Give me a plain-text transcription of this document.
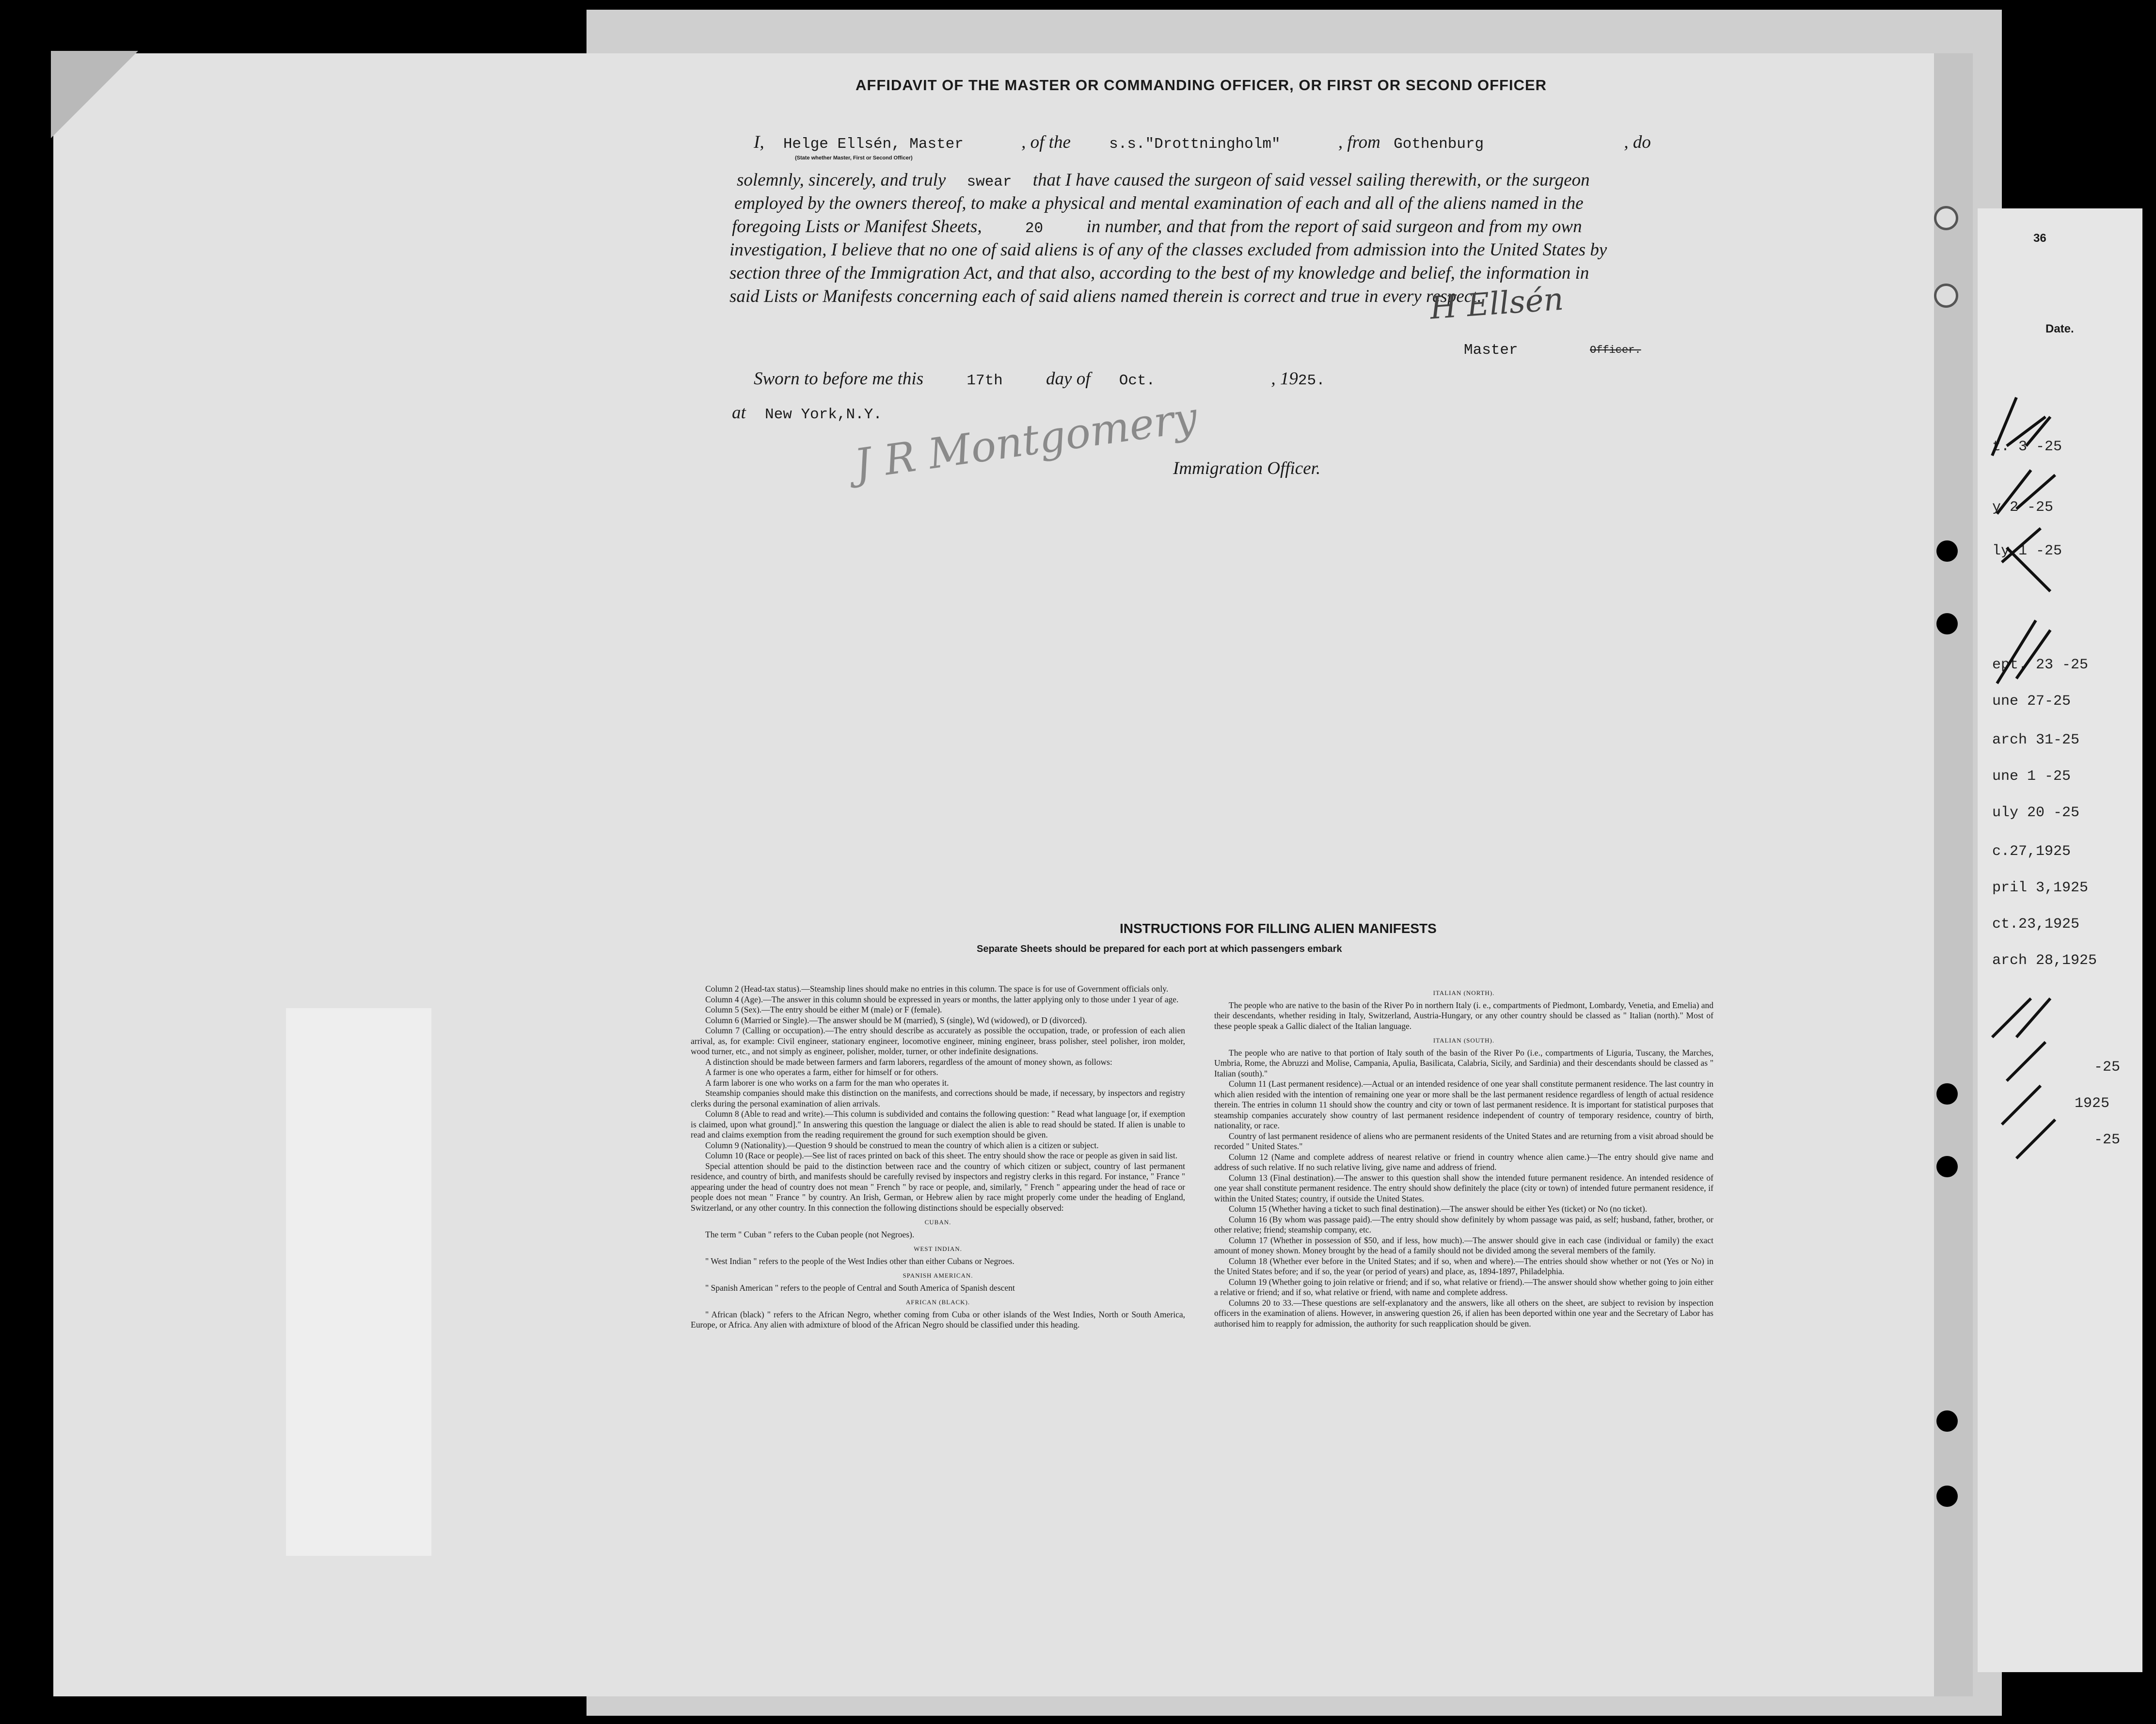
AFFIDAVIT OF THE MASTER OR COMMANDING OFFICER, OR FIRST OR SECOND OFFICER
I, Helge Ellsén, Master	, of the	s.s."Drottningholm"	, from Gothenburg	, do
(State whether Master, First or Second Officer)
solemnly, sincerely, and truly swear that I have caused the surgeon of said vessel sailing therewith, or the surgeon
employed by the owners thereof, to make a physical and mental examination of each and all of the aliens named in the
foregoing Lists or Manifest Sheets,	20 in number, and that from the report of said surgeon and from my own
investigation, I believe that no one of said aliens is of any of the classes excluded from admission into the United States by
section three of the Immigration Act, and that also, according to the best of my knowledge and belief, the information in
said Lists or Manifests concerning each of said aliens named therein is correct and true in every respect.
H Ellsén
Master	Officer.
Sworn to before me this	17th day of Oct.	, 1925.
at New York,N.Y.
J R Montgomery
Immigration Officer.
INSTRUCTIONS FOR FILLING ALIEN MANIFESTS
Separate Sheets should be prepared for each port at which passengers embark

Column 2 (Head-tax status).—Steamship lines should make no entries in this column. The space is for use of Government officials only.

Column 4 (Age).—The answer in this column should be expressed in years or months, the latter applying only to those under 1 year of age.

Column 5 (Sex).—The entry should be either M (male) or F (female).

Column 6 (Married or Single).—The answer should be M (married), S (single), Wd (widowed), or D (divorced).

Column 7 (Calling or occupation).—The entry should describe as accurately as possible the occupation, trade, or profession of each alien arrival, as, for example: Civil engineer, stationary engineer, locomotive engineer, mining engineer, brass polisher, steel polisher, iron molder, wood turner, etc., and not simply as engineer, polisher, molder, turner, or other indefinite designations.

A distinction should be made between farmers and farm laborers, regardless of the amount of money shown, as follows:

A farmer is one who operates a farm, either for himself or for others.

A farm laborer is one who works on a farm for the man who operates it.

Steamship companies should make this distinction on the manifests, and corrections should be made, if necessary, by inspectors and registry clerks during the personal examination of alien arrivals.

Column 8 (Able to read and write).—This column is subdivided and contains the following question: " Read what language [or, if exemption is claimed, upon what ground]." In answering this question the language or dialect the alien is able to read should be stated. If alien is unable to read and claims exemption from the reading requirement the ground for such exemption should be given.

Column 9 (Nationality).—Question 9 should be construed to mean the country of which alien is a citizen or subject.

Column 10 (Race or people).—See list of races printed on back of this sheet. The entry should show the race or people as given in said list.

Special attention should be paid to the distinction between race and the country of which citizen or subject, country of last permanent residence, and country of birth, and manifests should be carefully revised by inspectors and registry clerks in this regard. For instance, " France " appearing under the head of country does not mean " French " by race or people, and, similarly, " French " appearing under the head of race or people does not mean " France " by country. An Irish, German, or Hebrew alien by race might properly come under the heading of England, Switzerland, or any other country. In this connection the following distinctions should be especially observed:

CUBAN.

The term " Cuban " refers to the Cuban people (not Negroes).

WEST INDIAN.

" West Indian " refers to the people of the West Indies other than either Cubans or Negroes.

SPANISH AMERICAN.

" Spanish American " refers to the people of Central and South America of Spanish descent

AFRICAN (BLACK).

" African (black) " refers to the African Negro, whether coming from Cuba or other islands of the West Indies, North or South America, Europe, or Africa. Any alien with admixture of blood of the African Negro should be classified under this heading.

ITALIAN (NORTH).

The people who are native to the basin of the River Po in northern Italy (i. e., compartments of Piedmont, Lombardy, Venetia, and Emelia) and their descendants, whether residing in Italy, Switzerland, Austria-Hungary, or any other country should be classed as " Italian (north)." Most of these people speak a Gallic dialect of the Italian language.

ITALIAN (SOUTH).

The people who are native to that portion of Italy south of the basin of the River Po (i.e., compartments of Liguria, Tuscany, the Marches, Umbria, Rome, the Abruzzi and Molise, Campania, Apulia, Basilicata, Calabria, Sicily, and Sardinia) and their descendants should be classed as " Italian (south)."

Column 11 (Last permanent residence).—Actual or an intended residence of one year shall constitute permanent residence. The last country in which alien resided with the intention of remaining one year or more shall be the last permanent residence regardless of length of actual residence therein. The entries in column 11 should show the country and city or town of last permanent residence. It is important for statistical purposes that steamship companies accurately show country of last permanent residence independent of country of temporary residence, country of birth, nationality, or race.

Country of last permanent residence of aliens who are permanent residents of the United States and are returning from a visit abroad should be recorded " United States."

Column 12 (Name and complete address of nearest relative or friend in country whence alien came.)—The entry should give name and address of such relative. If no such relative living, give name and address of friend.

Column 13 (Final destination).—The answer to this question shall show the intended future permanent residence. An intended residence of one year shall constitute permanent residence. The entry should show definitely the place (city or town) of intended future permanent residence, if within the United States; country, if outside the United States.

Column 15 (Whether having a ticket to such final destination).—The answer should be either Yes (ticket) or No (no ticket).

Column 16 (By whom was passage paid).—The entry should show definitely by whom passage was paid, as self; husband, father, brother, or other relative; friend; steamship company, etc.

Column 17 (Whether in possession of $50, and if less, how much).—The answer should give in each case (individual or family) the exact amount of money shown. Money brought by the head of a family should not be divided among the several members of the family.

Column 18 (Whether ever before in the United States; and if so, when and where).—The entries should show whether or not (Yes or No) in the United States before; and if so, the year (or period of years) and place, as, 1894-1897, Philadelphia.

Column 19 (Whether going to join relative or friend; and if so, what relative or friend).—The answer should show whether going to join either a relative or friend; and if so, what relative or friend, with name and complete address.

Columns 20 to 33.—These questions are self-explanatory and the answers, like all others on the sheet, are subject to revision by inspection officers in the examination of aliens. However, in answering question 26, if alien has been deported within one year and the Secretary of Labor has authorised him to reapply for admission, the authority for such reapplication should be given.

36
Date.
t. 3 -25
y 2 -25
ly 1 -25
ept. 23 -25
une 27-25
arch 31-25
une 1 -25
uly 20 -25
c.27,1925
pril 3,1925
ct.23,1925
arch 28,1925
-25
1925
-25
